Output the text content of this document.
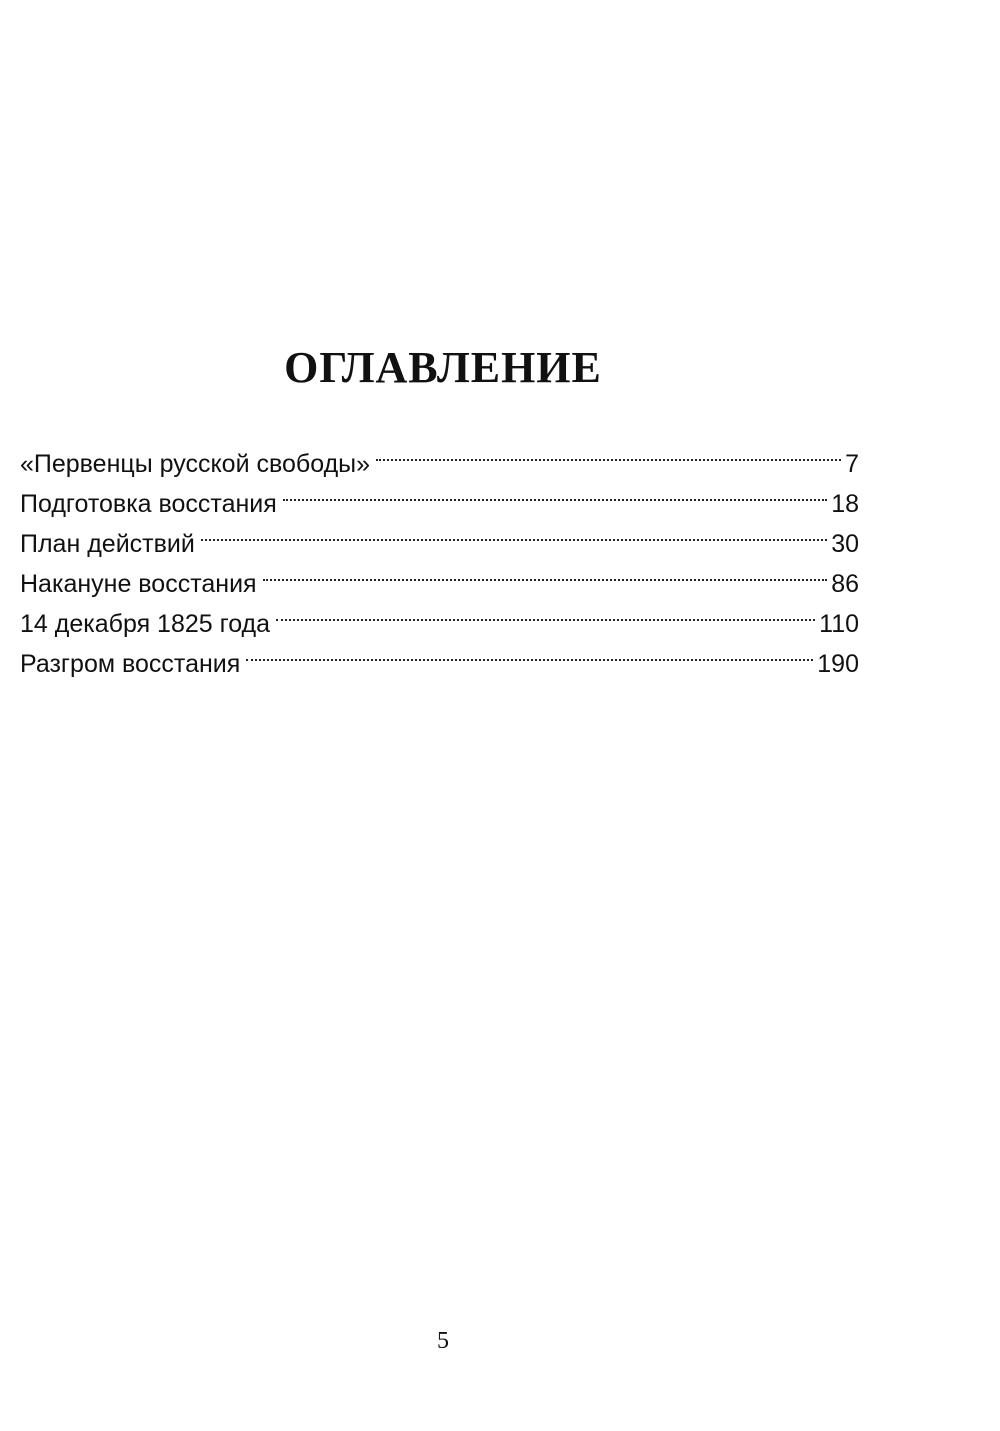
ОГЛАВЛЕНИЕ
«Первенцы русской свободы»	7
Подготовка восстания	18
План действий	30
Накануне восстания	86
14 декабря 1825 года	110
Разгром восстания	190
5
